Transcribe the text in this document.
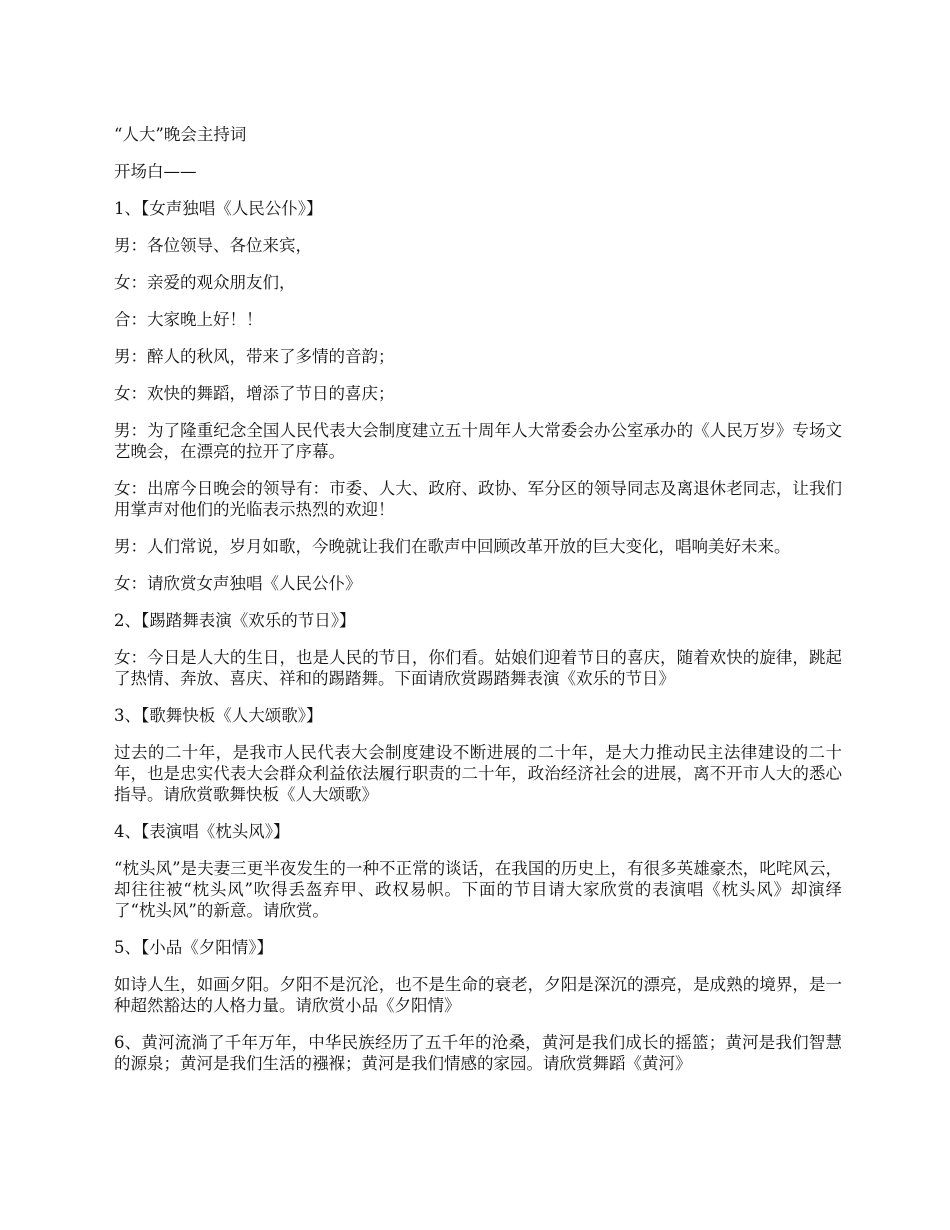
“人大”晚会主持词

开场白——

1、【女声独唱《人民公仆》】

男：各位领导、各位来宾，

女：亲爱的观众朋友们，

合：大家晚上好！！

男：醉人的秋风，带来了多情的音韵；

女：欢快的舞蹈，增添了节日的喜庆；

男：为了隆重纪念全国人民代表大会制度建立五十周年人大常委会办公室承办的《人民万岁》专场文艺晚会，在漂亮的拉开了序幕。

女：出席今日晚会的领导有：市委、人大、政府、政协、军分区的领导同志及离退休老同志，让我们用掌声对他们的光临表示热烈的欢迎！

男：人们常说，岁月如歌，今晚就让我们在歌声中回顾改革开放的巨大变化，唱响美好未来。

女：请欣赏女声独唱《人民公仆》

2、【踢踏舞表演《欢乐的节日》】

女：今日是人大的生日，也是人民的节日，你们看。姑娘们迎着节日的喜庆，随着欢快的旋律，跳起了热情、奔放、喜庆、祥和的踢踏舞。下面请欣赏踢踏舞表演《欢乐的节日》

3、【歌舞快板《人大颂歌》】

过去的二十年，是我市人民代表大会制度建设不断进展的二十年，是大力推动民主法律建设的二十年，也是忠实代表大会群众利益依法履行职责的二十年，政治经济社会的进展，离不开市人大的悉心指导。请欣赏歌舞快板《人大颂歌》

4、【表演唱《枕头风》】

“枕头风”是夫妻三更半夜发生的一种不正常的谈话，在我国的历史上，有很多英雄豪杰，叱咤风云，却往往被“枕头风”吹得丢盔弃甲、政权易帜。下面的节目请大家欣赏的表演唱《枕头风》却演绎了“枕头风”的新意。请欣赏。

5、【小品《夕阳情》】

如诗人生，如画夕阳。夕阳不是沉沦，也不是生命的衰老，夕阳是深沉的漂亮，是成熟的境界，是一种超然豁达的人格力量。请欣赏小品《夕阳情》

6、黄河流淌了千年万年，中华民族经历了五千年的沧桑，黄河是我们成长的摇篮；黄河是我们智慧的源泉；黄河是我们生活的襁褓；黄河是我们情感的家园。请欣赏舞蹈《黄河》
